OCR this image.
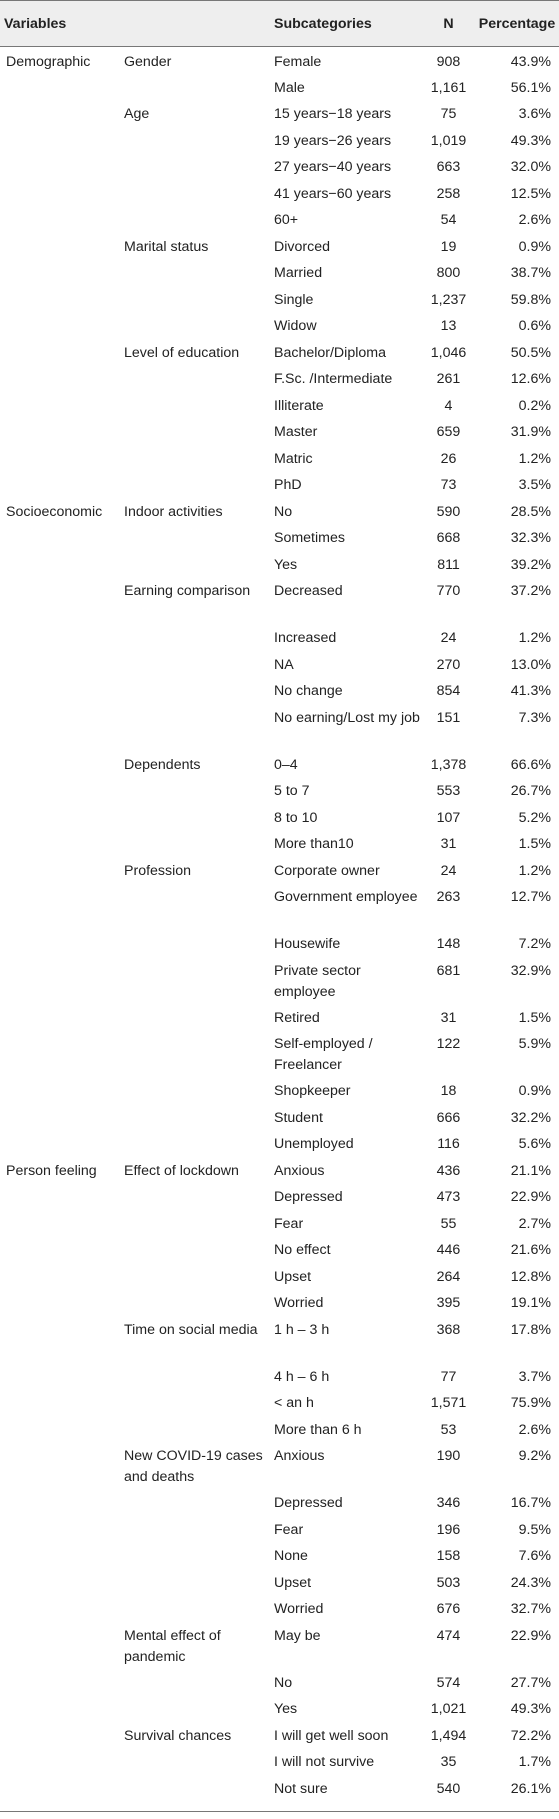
Variables		Subcategories	N	Percentage
Demographic	Gender	Female	908	43.9%
		Male	1,161	56.1%
	Age	15 years−18 years	75	3.6%
		19 years−26 years	1,019	49.3%
		27 years−40 years	663	32.0%
		41 years−60 years	258	12.5%
		60+	54	2.6%
	Marital status	Divorced	19	0.9%
		Married	800	38.7%
		Single	1,237	59.8%
		Widow	13	0.6%
	Level of education	Bachelor/Diploma	1,046	50.5%
		F.Sc. /Intermediate	261	12.6%
		Illiterate	4	0.2%
		Master	659	31.9%
		Matric	26	1.2%
		PhD	73	3.5%
Socioeconomic	Indoor activities	No	590	28.5%
		Sometimes	668	32.3%
		Yes	811	39.2%
	Earning comparison	Decreased	770	37.2%
		Increased	24	1.2%
		NA	270	13.0%
		No change	854	41.3%
		No earning/Lost my job	151	7.3%
	Dependents	0–4	1,378	66.6%
		5 to 7	553	26.7%
		8 to 10	107	5.2%
		More than10	31	1.5%
	Profession	Corporate owner	24	1.2%
		Government employee	263	12.7%
		Housewife	148	7.2%
		Private sector employee	681	32.9%
		Retired	31	1.5%
		Self-employed / Freelancer	122	5.9%
		Shopkeeper	18	0.9%
		Student	666	32.2%
		Unemployed	116	5.6%
Person feeling	Effect of lockdown	Anxious	436	21.1%
		Depressed	473	22.9%
		Fear	55	2.7%
		No effect	446	21.6%
		Upset	264	12.8%
		Worried	395	19.1%
	Time on social media	1 h – 3 h	368	17.8%
		4 h – 6 h	77	3.7%
		< an h	1,571	75.9%
		More than 6 h	53	2.6%
	New COVID-19 cases and deaths	Anxious	190	9.2%
		Depressed	346	16.7%
		Fear	196	9.5%
		None	158	7.6%
		Upset	503	24.3%
		Worried	676	32.7%
	Mental effect of pandemic	May be	474	22.9%
		No	574	27.7%
		Yes	1,021	49.3%
	Survival chances	I will get well soon	1,494	72.2%
		I will not survive	35	1.7%
		Not sure	540	26.1%
